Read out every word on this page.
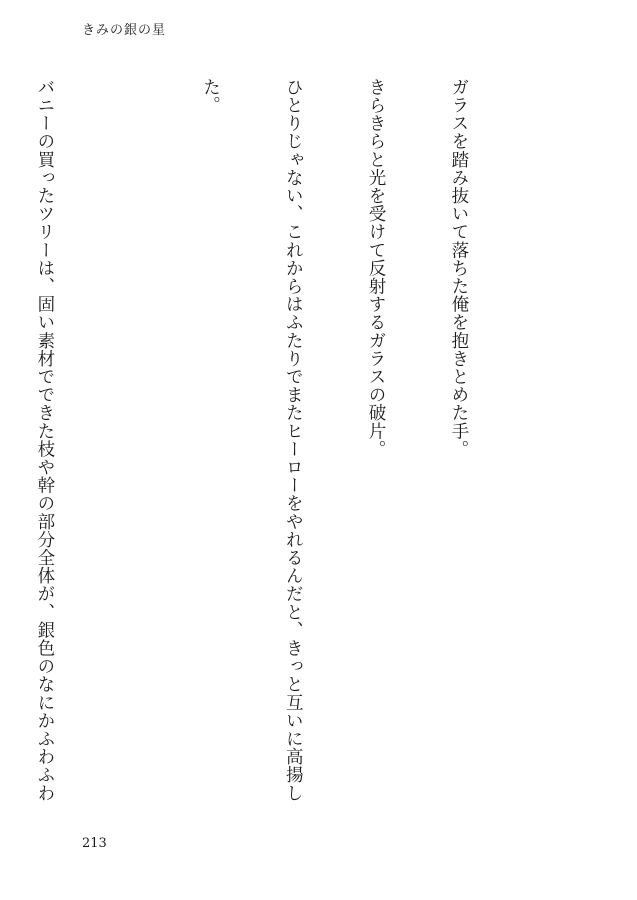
きみの銀の星

ガラスを踏み抜いて落ちた俺を抱きとめた手。

きらきらと光を受けて反射するガラスの破片。

ひとりじゃない、これからはふたりでまたヒーローをやれるんだと、きっと互いに高揚し

た。

バニーの買ったツリーは、固い素材でできた枝や幹の部分全体が、銀色のなにかふわふわ

213
